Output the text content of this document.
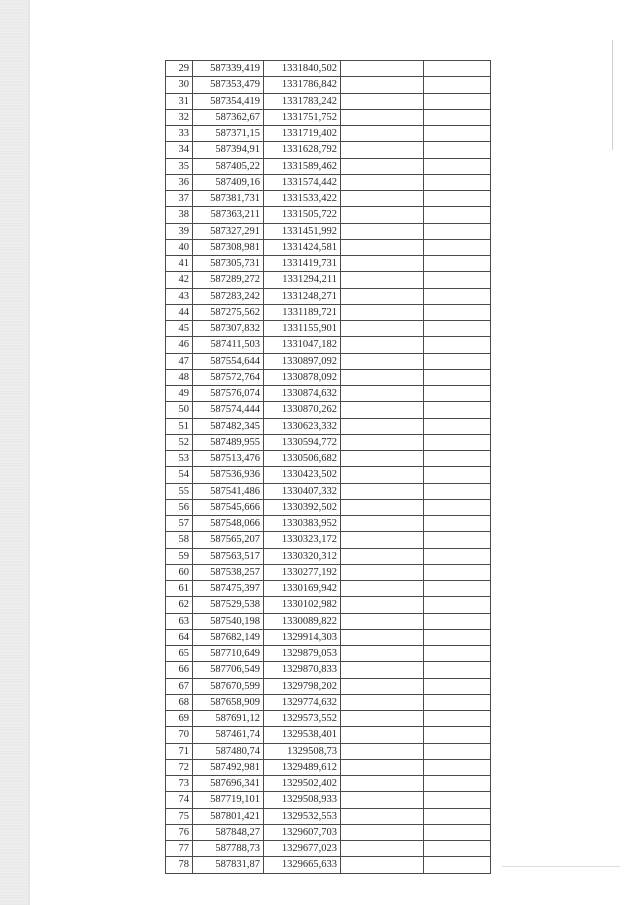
29	587339,419	1331840,502		
30	587353,479	1331786,842		
31	587354,419	1331783,242		
32	587362,67	1331751,752		
33	587371,15	1331719,402		
34	587394,91	1331628,792		
35	587405,22	1331589,462		
36	587409,16	1331574,442		
37	587381,731	1331533,422		
38	587363,211	1331505,722		
39	587327,291	1331451,992		
40	587308,981	1331424,581		
41	587305,731	1331419,731		
42	587289,272	1331294,211		
43	587283,242	1331248,271		
44	587275,562	1331189,721		
45	587307,832	1331155,901		
46	587411,503	1331047,182		
47	587554,644	1330897,092		
48	587572,764	1330878,092		
49	587576,074	1330874,632		
50	587574,444	1330870,262		
51	587482,345	1330623,332		
52	587489,955	1330594,772		
53	587513,476	1330506,682		
54	587536,936	1330423,502		
55	587541,486	1330407,332		
56	587545,666	1330392,502		
57	587548,066	1330383,952		
58	587565,207	1330323,172		
59	587563,517	1330320,312		
60	587538,257	1330277,192		
61	587475,397	1330169,942		
62	587529,538	1330102,982		
63	587540,198	1330089,822		
64	587682,149	1329914,303		
65	587710,649	1329879,053		
66	587706,549	1329870,833		
67	587670,599	1329798,202		
68	587658,909	1329774,632		
69	587691,12	1329573,552		
70	587461,74	1329538,401		
71	587480,74	1329508,73		
72	587492,981	1329489,612		
73	587696,341	1329502,402		
74	587719,101	1329508,933		
75	587801,421	1329532,553		
76	587848,27	1329607,703		
77	587788,73	1329677,023		
78	587831,87	1329665,633		
